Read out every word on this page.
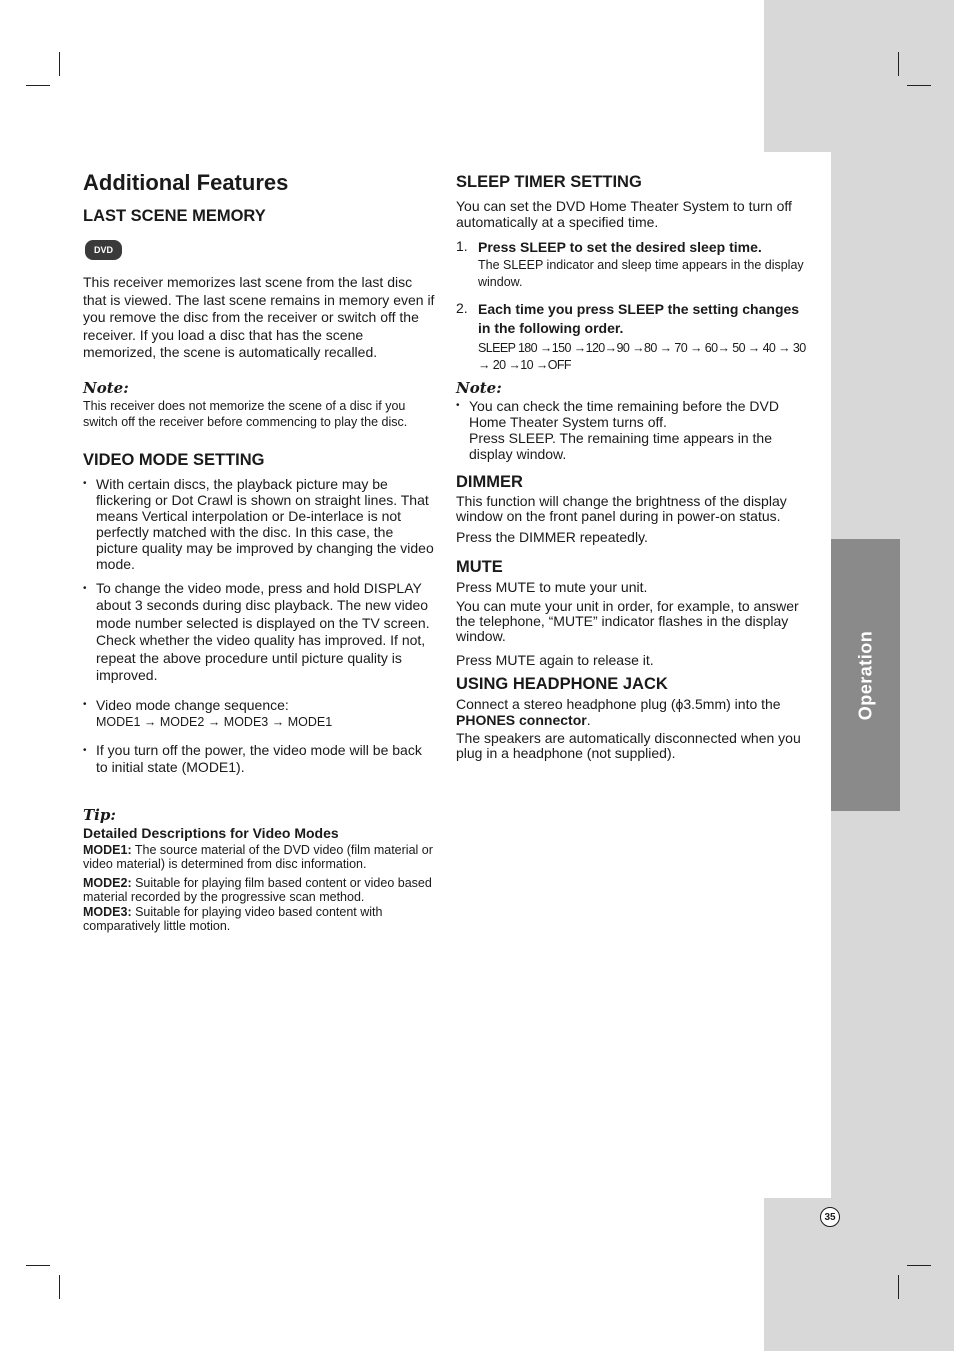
Operation
35
Additional Features
LAST SCENE MEMORY
DVD

This receiver memorizes last scene from the last disc that is viewed. The last scene remains in memory even if you remove the disc from the receiver or switch off the receiver. If you load a disc that has the scene memorized, the scene is automatically recalled.

Note:

This receiver does not memorize the scene of a disc if you switch off the receiver before commencing to play the disc.

VIDEO MODE SETTING
• With certain discs, the playback picture may be flickering or Dot Crawl is shown on straight lines. That means Vertical interpolation or De-interlace is not perfectly matched with the disc. In this case, the picture quality may be improved by changing the video mode.
• To change the video mode, press and hold DISPLAY about 3 seconds during disc playback. The new video mode number selected is displayed on the TV screen. Check whether the video quality has improved. If not, repeat the above procedure until picture quality is improved.
• Video mode change sequence:
MODE1 → MODE2 → MODE3 → MODE1
• If you turn off the power, the video mode will be back to initial state (MODE1).

Tip:

Detailed Descriptions for Video Modes

MODE1: The source material of the DVD video (film material or video material) is determined from disc information.

MODE2: Suitable for playing film based content or video based material recorded by the progressive scan method.

MODE3: Suitable for playing video based content with comparatively little motion.

SLEEP TIMER SETTING

You can set the DVD Home Theater System to turn off automatically at a specified time.

1. Press SLEEP to set the desired sleep time.
The SLEEP indicator and sleep time appears in the display window.
2. Each time you press SLEEP the setting changes in the following order.
SLEEP 180 →150 →120→90 →80 → 70 → 60→ 50 → 40 → 30 → 20 →10 →OFF

Note:

• You can check the time remaining before the DVD Home Theater System turns off.
Press SLEEP. The remaining time appears in the display window.
DIMMER

This function will change the brightness of the display window on the front panel during in power-on status.

Press the DIMMER repeatedly.

MUTE

Press MUTE to mute your unit.

You can mute your unit in order, for example, to answer the telephone, “MUTE” indicator flashes in the display window.

Press MUTE again to release it.

USING HEADPHONE JACK

Connect a stereo headphone plug (ϕ3.5mm) into the PHONES connector.

The speakers are automatically disconnected when you plug in a headphone (not supplied).
